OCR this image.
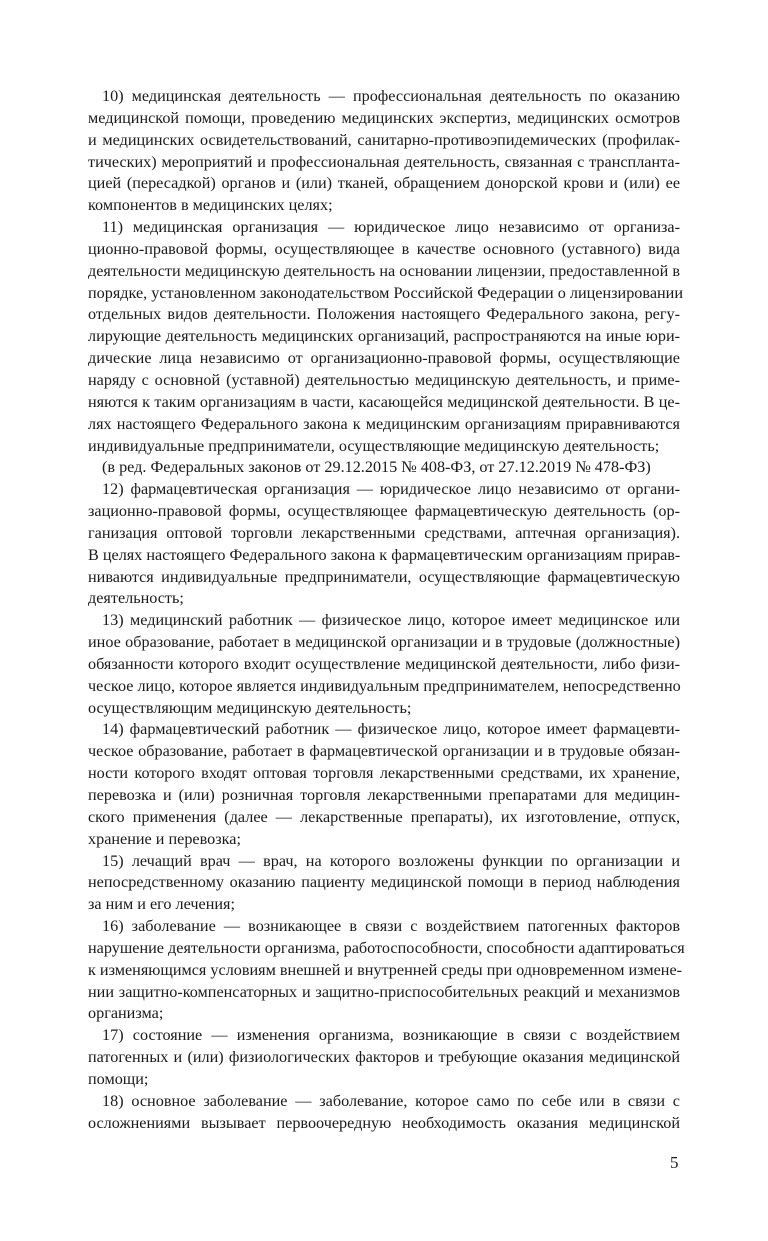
10) медицинская деятельность — профессиональная деятельность по оказанию
медицинской помощи, проведению медицинских экспертиз, медицинских осмотров
и медицинских освидетельствований, санитарно-противоэпидемических (профилак-
тических) мероприятий и профессиональная деятельность, связанная с транспланта-
цией (пересадкой) органов и (или) тканей, обращением донорской крови и (или) ее
компонентов в медицинских целях;
11) медицинская организация — юридическое лицо независимо от организа-
ционно-правовой формы, осуществляющее в качестве основного (уставного) вида
деятельности медицинскую деятельность на основании лицензии, предоставленной в
порядке, установленном законодательством Российской Федерации о лицензировании
отдельных видов деятельности. Положения настоящего Федерального закона, регу-
лирующие деятельность медицинских организаций, распространяются на иные юри-
дические лица независимо от организационно-правовой формы, осуществляющие
наряду с основной (уставной) деятельностью медицинскую деятельность, и приме-
няются к таким организациям в части, касающейся медицинской деятельности. В це-
лях настоящего Федерального закона к медицинским организациям приравниваются
индивидуальные предприниматели, осуществляющие медицинскую деятельность;
(в ред. Федеральных законов от 29.12.2015 № 408-ФЗ, от 27.12.2019 № 478-ФЗ)
12) фармацевтическая организация — юридическое лицо независимо от органи-
зационно-правовой формы, осуществляющее фармацевтическую деятельность (ор-
ганизация оптовой торговли лекарственными средствами, аптечная организация).
В целях настоящего Федерального закона к фармацевтическим организациям прирав-
ниваются индивидуальные предприниматели, осуществляющие фармацевтическую
деятельность;
13) медицинский работник — физическое лицо, которое имеет медицинское или
иное образование, работает в медицинской организации и в трудовые (должностные)
обязанности которого входит осуществление медицинской деятельности, либо физи-
ческое лицо, которое является индивидуальным предпринимателем, непосредственно
осуществляющим медицинскую деятельность;
14) фармацевтический работник — физическое лицо, которое имеет фармацевти-
ческое образование, работает в фармацевтической организации и в трудовые обязан-
ности которого входят оптовая торговля лекарственными средствами, их хранение,
перевозка и (или) розничная торговля лекарственными препаратами для медицин-
ского применения (далее — лекарственные препараты), их изготовление, отпуск,
хранение и перевозка;
15) лечащий врач — врач, на которого возложены функции по организации и
непосредственному оказанию пациенту медицинской помощи в период наблюдения
за ним и его лечения;
16) заболевание — возникающее в связи с воздействием патогенных факторов
нарушение деятельности организма, работоспособности, способности адаптироваться
к изменяющимся условиям внешней и внутренней среды при одновременном измене-
нии защитно-компенсаторных и защитно-приспособительных реакций и механизмов
организма;
17) состояние — изменения организма, возникающие в связи с воздействием
патогенных и (или) физиологических факторов и требующие оказания медицинской
помощи;
18) основное заболевание — заболевание, которое само по себе или в связи с
осложнениями вызывает первоочередную необходимость оказания медицинской
5
